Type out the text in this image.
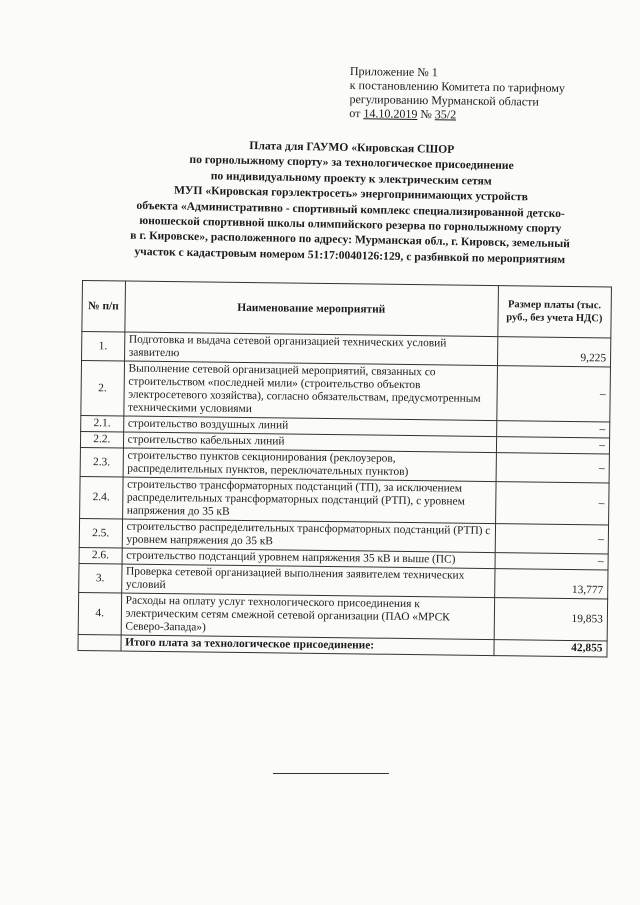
Приложение № 1
к постановлению Комитета по тарифному
регулированию Мурманской области
от 14.10.2019 № 35/2
Плата для ГАУМО «Кировская СШОР
по горнолыжному спорту» за технологическое присоединение
по индивидуальному проекту к электрическим сетям
МУП «Кировская горэлектросеть» энергопринимающих устройств
объекта «Административно - спортивный комплекс специализированной детско-
юношеской спортивной школы олимпийского резерва по горнолыжному спорту
в г. Кировске», расположенного по адресу: Мурманская обл., г. Кировск, земельный
участок с кадастровым номером 51:17:0040126:129, с разбивкой по мероприятиям
№ п/п	Наименование мероприятий	Размер платы (тыс. руб., без учета НДС)
1.	Подготовка и выдача сетевой организацией технических условий заявителю	9,225
2.	Выполнение сетевой организацией мероприятий, связанных со строительством «последней мили» (строительство объектов электросетевого хозяйства), согласно обязательствам, предусмотренным техническими условиями	–
2.1.	строительство воздушных линий	–
2.2.	строительство кабельных линий	–
2.3.	строительство пунктов секционирования (реклоузеров, распределительных пунктов, переключательных пунктов)	–
2.4.	строительство трансформаторных подстанций (ТП), за исключением распределительных трансформаторных подстанций (РТП), с уровнем напряжения до 35 кВ	–
2.5.	строительство распределительных трансформаторных подстанций (РТП) с уровнем напряжения до 35 кВ	–
2.6.	строительство подстанций уровнем напряжения 35 кВ и выше (ПС)	–
3.	Проверка сетевой организацией выполнения заявителем технических условий	13,777
4.	Расходы на оплату услуг технологического присоединения к электрическим сетям смежной сетевой организации (ПАО «МРСК Северо-Запада»)	19,853
	Итого плата за технологическое присоединение:	42,855
